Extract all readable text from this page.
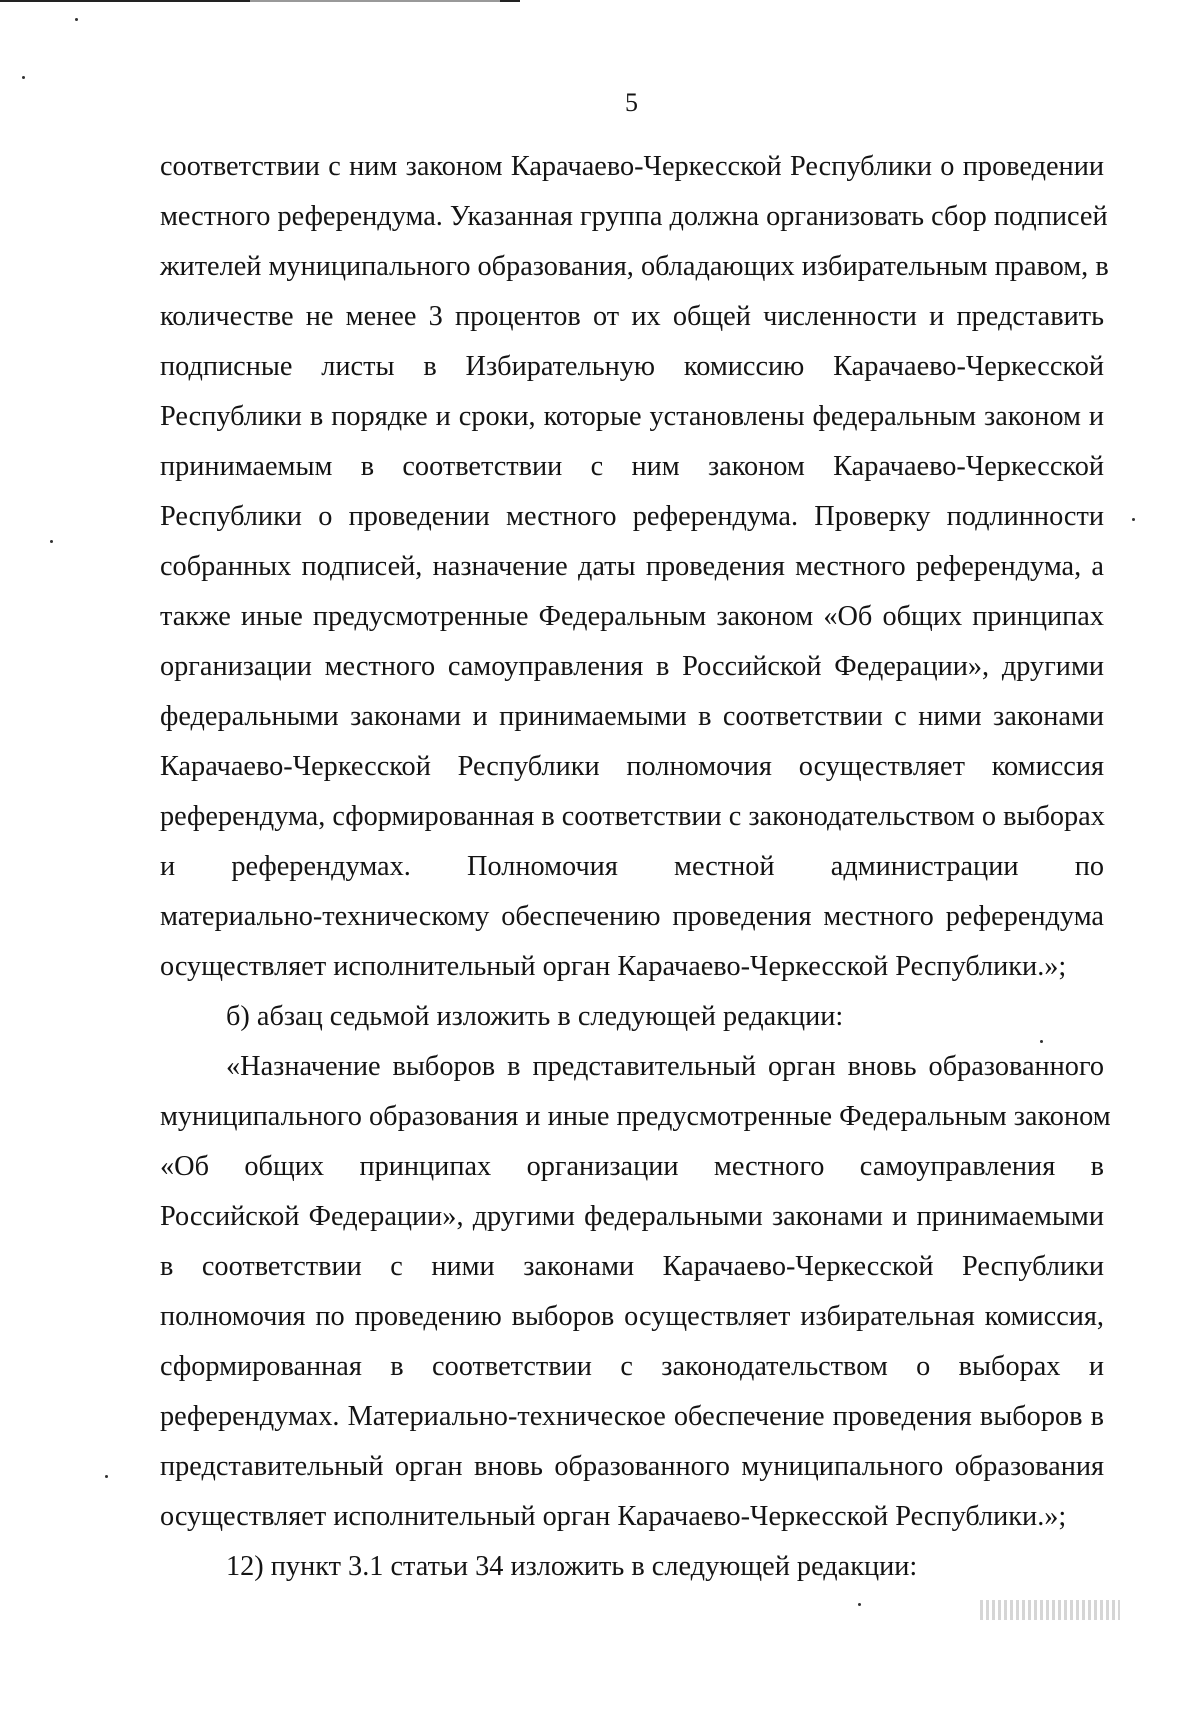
5
соответствии с ним законом Карачаево-Черкесской Республики о проведении
местного референдума. Указанная группа должна организовать сбор подписей
жителей муниципального образования, обладающих избирательным правом, в
количестве не менее 3 процентов от их общей численности и представить
подписные листы в Избирательную комиссию Карачаево-Черкесской
Республики в порядке и сроки, которые установлены федеральным законом и
принимаемым в соответствии с ним законом Карачаево-Черкесской
Республики о проведении местного референдума. Проверку подлинности
собранных подписей, назначение даты проведения местного референдума, а
также иные предусмотренные Федеральным законом «Об общих принципах
организации местного самоуправления в Российской Федерации», другими
федеральными законами и принимаемыми в соответствии с ними законами
Карачаево-Черкесской Республики полномочия осуществляет комиссия
референдума, сформированная в соответствии с законодательством о выборах
и референдумах. Полномочия местной администрации по
материально-техническому обеспечению проведения местного референдума
осуществляет исполнительный орган Карачаево-Черкесской Республики.»;
б) абзац седьмой изложить в следующей редакции:
«Назначение выборов в представительный орган вновь образованного
муниципального образования и иные предусмотренные Федеральным законом
«Об общих принципах организации местного самоуправления в
Российской Федерации», другими федеральными законами и принимаемыми
в соответствии с ними законами Карачаево-Черкесской Республики
полномочия по проведению выборов осуществляет избирательная комиссия,
сформированная в соответствии с законодательством о выборах и
референдумах. Материально-техническое обеспечение проведения выборов в
представительный орган вновь образованного муниципального образования
осуществляет исполнительный орган Карачаево-Черкесской Республики.»;
12) пункт 3.1 статьи 34 изложить в следующей редакции:
